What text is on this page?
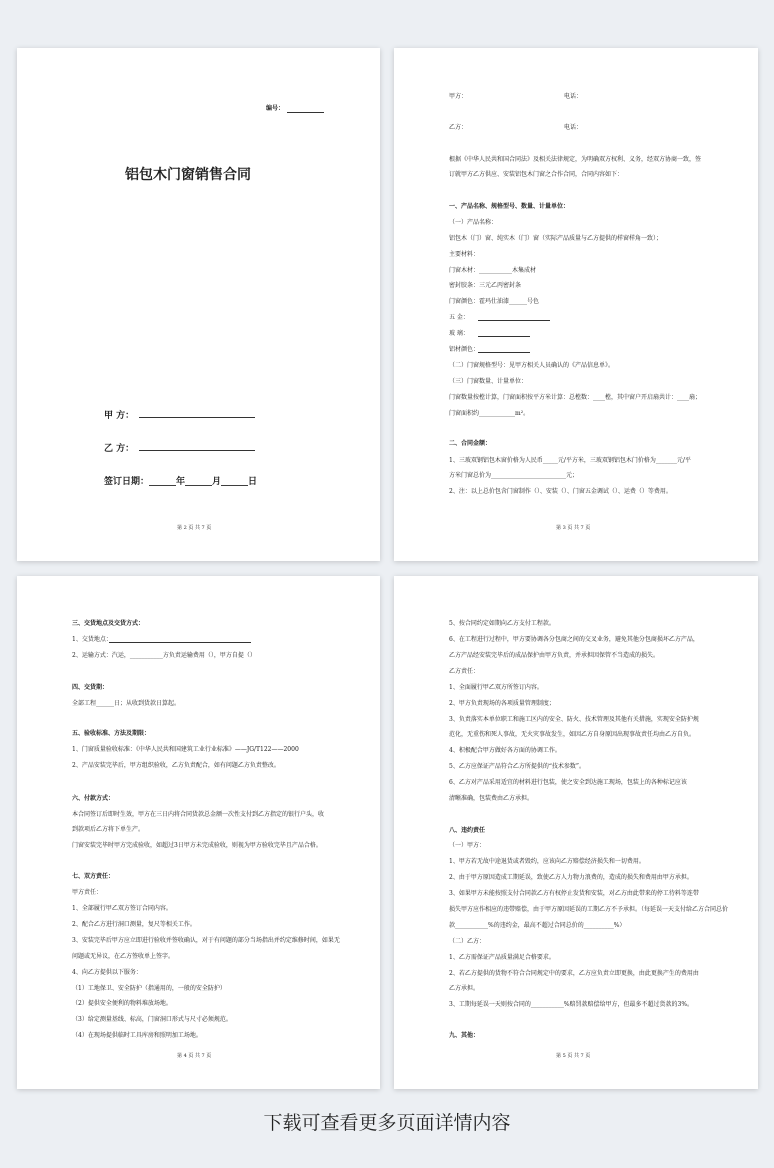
编号：
铝包木门窗销售合同
甲 方：
乙 方：
签订日期：______年______月______日
第 2 页 共 7 页
甲方：	电话：
乙方：	电话：
根据《中华人民共和国合同法》及相关法律规定，为明确双方权利、义务，经双方协商一致，签
订就甲方乙方供应、安装铝包木门窗之合作合同，合同内容如下：
一、产品名称、规格型号、数量、计量单位：
（一）产品名称：
铝包木（门）窗、纯实木（门）窗（实际产品质量与乙方提供的样窗样角一致）；
主要材料：
门窗木材：___________木集成材
密封胶条：三元乙丙密封条
门窗颜色：霍玛仕油漆______号色
五 金：
玻 璃：
铝材颜色：
（二）门窗规格型号：见甲方相关人员确认的《产品信息单》。
（三）门窗数量、计量单位：
门窗数量按樘计算，门窗面积按平方米计算：总樘数：____樘，其中窗户开启扇共计：____扇；
门窗面积约____________m²。
二、合同金额：
1、三玻双钢铝包木窗价格为人民币_____元/平方米，三玻双钢铝包木门价格为_______元/平
方米门窗总价为_________________________元；
2、注：以上总价包含门窗制作（）、安装（）、门窗五金调试（）、运费（）等费用。
第 3 页 共 7 页
三、交货地点及交货方式：
1、交货地点：
2、运输方式：汽运，___________方负责运输费用（），甲方自提（）
四、交货期：
全部工程______日；从收到货款日算起。
五、验收标准、方法及期限：
1、门窗质量验收标准：《中华人民共和国建筑工业行业标准》——JG/T122——2000
2、产品安装完毕后，甲方组织验收，乙方负责配合，如有问题乙方负责整改。
六、付款方式：
本合同签订后即时生效，甲方在三日内将合同货款总金额一次性支付到乙方指定的银行户头，收
到款项后乙方将下单生产。
门窗安装完毕时甲方完成验收，如超过3日甲方未完成验收，则视为甲方验收完毕且产品合格。
七、双方责任：
甲方责任：
1、全部履行甲乙双方签订合同内容。
2、配合乙方进行洞口测量，复尺等相关工作。
3、安装完毕后甲方应立即进行验收并签收确认，对于有问题的部分当场指出并约定维修时间，如果无
问题或无异议，在乙方签收单上签字。
4、向乙方提供以下服务：
（1）工地保卫、安全防护（指通用的，一般的安全防护）
（2）提供安全便利的物料堆放场地。
（3）给定测量基线、标高，门窗洞口形式与尺寸必须规范。
（4）在现场提供临时工具库房和照明加工场地。
第 4 页 共 7 页
5、按合同约定如期向乙方支付工程款。
6、在工程进行过程中，甲方要协调各分包商之间的交叉业务，避免其他分包商损坏乙方产品，
乙方产品经安装完毕后的成品保护由甲方负责，并承担因保管不当造成的损失。
乙方责任：
1、全面履行甲乙双方所签订内容。
2、甲方负责现场的各项质量管理制度；
3、负责落实本单位职工和施工区内的安全、防火、技术管理及其他有关措施，实现安全防护规
范化，无重伤和死人事故，无火灾事故发生，如因乙方自身原因出现事故责任均由乙方自负。
4、积极配合甲方做好各方面的协调工作。
5、乙方应保证产品符合乙方所提供的“技术参数”。
6、乙方对产品采用适宜的材料进行包装，使之安全到达施工现场，包装上的各种标记应该
清晰准确，包装费由乙方承担。
八、违约责任
（一）甲方：
1、甲方若无故中途退货或者毁约，应该向乙方赔偿经济损失和一切费用。
2、由于甲方原因造成工期延误，致使乙方人力物力浪费的，造成的损失和费用由甲方承担。
3、如果甲方未能按照支付合同款乙方有权停止发货和安装，对乙方由此带来的停工待料等连带
损失甲方应作相应的违带赔偿，由于甲方原因延误的工期乙方不予承担。（每延误一天支付给乙方合同总价
款___________%的违约金，最高不超过合同总价的__________%）
（二）乙方：
1、乙方需保证产品质量满足合格要求。
2、若乙方提供的货物不符合合同规定中的要求，乙方应负责立即更换，由此更换产生的费用由
乙方承担。
3、工期每延误一天则按合同的___________%赔罚款赔偿给甲方，但最多不超过货款的3%。
九、其他：
第 5 页 共 7 页
下载可查看更多页面详情内容
